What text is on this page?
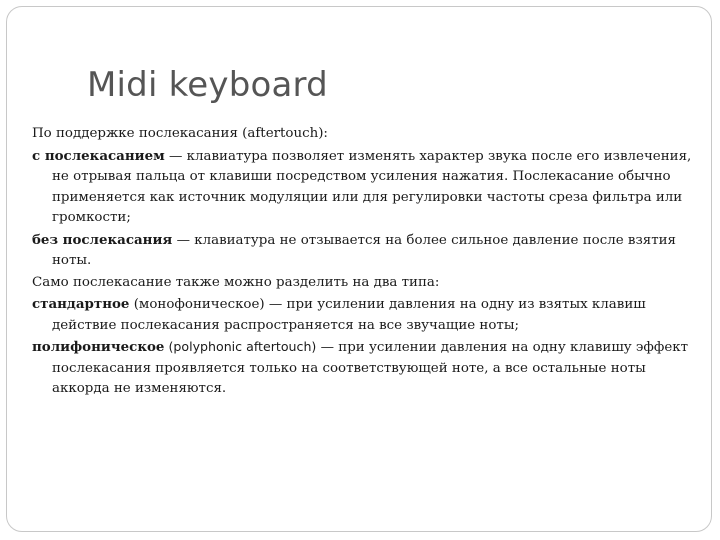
Midi keyboard

По поддержке послекасания (aftertouch):

с послекасанием — клавиатура позволяет изменять характер звука после его извлечения, не отрывая пальца от клавиши посредством усиления нажатия. Послекасание обычно применяется как источник модуляции или для регулировки частоты среза фильтра или громкости;

без послекасания — клавиатура не отзывается на более сильное давление после взятия ноты.

Само послекасание также можно разделить на два типа:

стандартное (монофоническое) — при усилении давления на одну из взятых клавиш действие послекасания распространяется на все звучащие ноты;

полифоническое (polyphonic aftertouch) — при усилении давления на одну клавишу эффект послекасания проявляется только на соответствующей ноте, а все остальные ноты аккорда не изменяются.
